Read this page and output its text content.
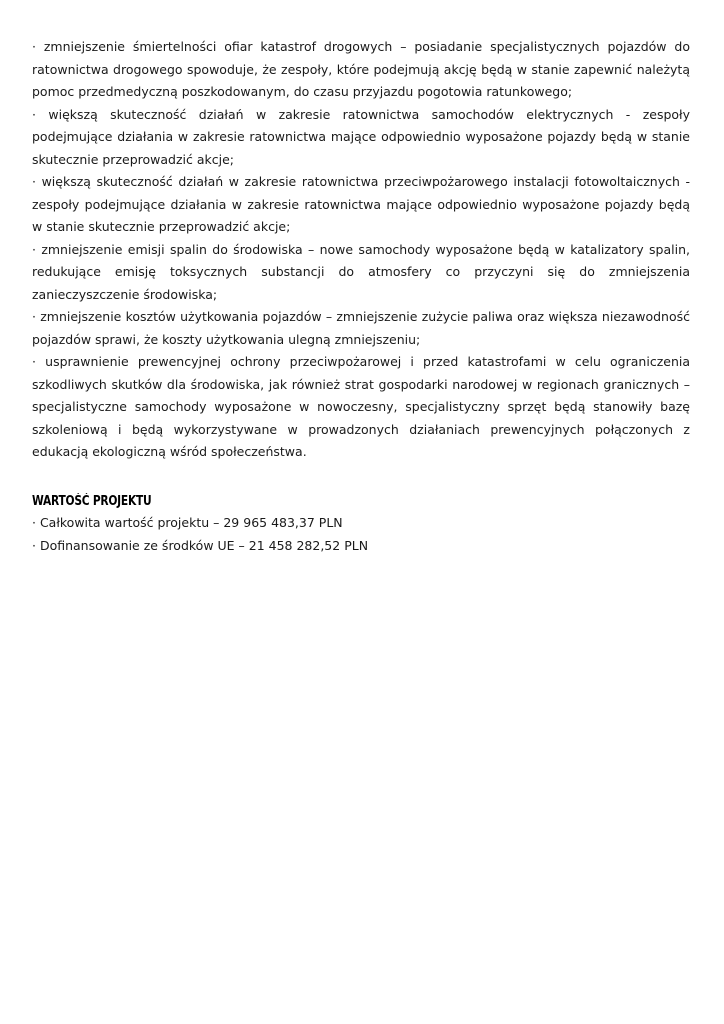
· zmniejszenie śmiertelności ofiar katastrof drogowych – posiadanie specjalistycznych pojazdów do ratownictwa drogowego spowoduje, że zespoły, które podejmują akcję będą w stanie zapewnić należytą pomoc przedmedyczną poszkodowanym, do czasu przyjazdu pogotowia ratunkowego;
· większą skuteczność działań w zakresie ratownictwa samochodów elektrycznych - zespoły podejmujące działania w zakresie ratownictwa mające odpowiednio wyposażone pojazdy będą w stanie skutecznie przeprowadzić akcje;
· większą skuteczność działań w zakresie ratownictwa przeciwpożarowego instalacji fotowoltaicznych - zespoły podejmujące działania w zakresie ratownictwa mające odpowiednio wyposażone pojazdy będą w stanie skutecznie przeprowadzić akcje;
· zmniejszenie emisji spalin do środowiska – nowe samochody wyposażone będą w katalizatory spalin, redukujące emisję toksycznych substancji do atmosfery co przyczyni się do zmniejszenia zanieczyszczenie środowiska;
· zmniejszenie kosztów użytkowania pojazdów – zmniejszenie zużycie paliwa oraz większa niezawodność pojazdów sprawi, że koszty użytkowania ulegną zmniejszeniu;
· usprawnienie prewencyjnej ochrony przeciwpożarowej i przed katastrofami w celu ograniczenia szkodliwych skutków dla środowiska, jak również strat gospodarki narodowej w regionach granicznych – specjalistyczne samochody wyposażone w nowoczesny, specjalistyczny sprzęt będą stanowiły bazę szkoleniową i będą wykorzystywane w prowadzonych działaniach prewencyjnych połączonych z edukacją ekologiczną wśród społeczeństwa.
WARTOŚĆ PROJEKTU
· Całkowita wartość projektu – 29 965 483,37 PLN
· Dofinansowanie ze środków UE – 21 458 282,52 PLN
